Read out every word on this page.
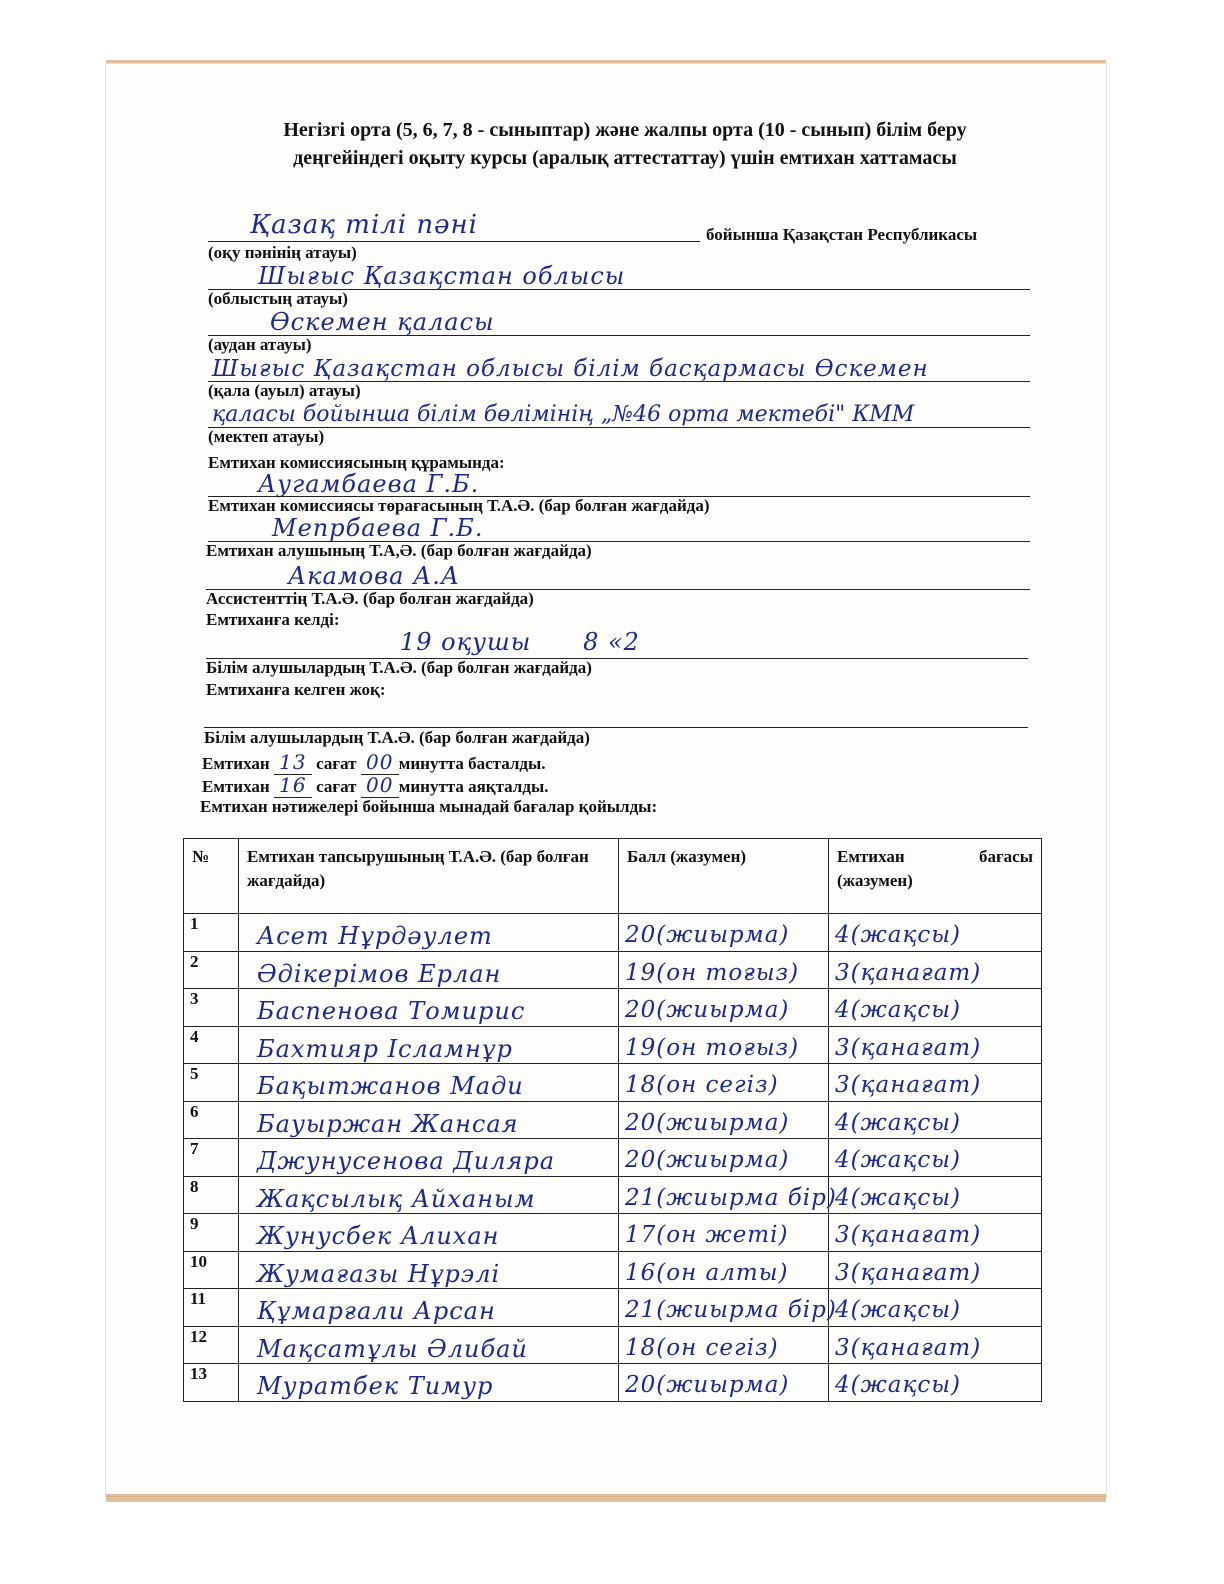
Негізгі орта (5, 6, 7, 8 - сыныптар) және жалпы орта (10 - сынып) білім беру
деңгейіндегі оқыту курсы (аралық аттестаттау) үшін емтихан хаттамасы
Қазақ тілі пәні	бойынша Қазақстан Республикасы
(оқу пәнінің атауы)
Шығыс Қазақстан облысы
(облыстың атауы)
Өскемен қаласы
(аудан атауы)
Шығыс Қазақстан облысы білім басқармасы Өскемен
(қала (ауыл) атауы)
қаласы бойынша білім бөлімінің „№46 орта мектебі" КММ
(мектеп атауы)
Емтихан комиссиясының құрамында:
Аугамбаева Г.Б.
Емтихан комиссиясы төрағасының Т.А.Ә. (бар болған жағдайда)
Мепрбаева Г.Б.
Емтихан алушының Т.А,Ә. (бар болған жағдайда)
Акамова А.А
Ассистенттің Т.А.Ә. (бар болған жағдайда)
Емтиханға келді:
19 оқушы      8 «2
Білім алушылардың Т.А.Ә. (бар болған жағдайда)
Емтиханға келген жоқ:
Білім алушылардың Т.А.Ә. (бар болған жағдайда)
Емтихан 13 сағат 00 минутта басталды.
Емтихан 16 сағат 00 минутта аяқталды.
Емтихан нәтижелері бойынша мынадай бағалар қойылды:
№	Емтихан тапсырушының Т.А.Ә. (бар болған жағдайда)	Балл (жазумен)	Емтихан бағасы
(жазумен)

1	Асет Нұрдәулет	20(жиырма)	4(жақсы)

2	Әдікерімов Ерлан	19(он тоғыз)	3(қанағат)

3	Баспенова Томирис	20(жиырма)	4(жақсы)

4	Бахтияр Ісламнұр	19(он тоғыз)	3(қанағат)

5	Бақытжанов Мади	18(он сегіз)	3(қанағат)

6	Бауыржан Жансая	20(жиырма)	4(жақсы)

7	Джунусенова Диляра	20(жиырма)	4(жақсы)

8	Жақсылық Айханым	21(жиырма бір)	4(жақсы)

9	Жунусбек Алихан	17(он жеті)	3(қанағат)

10	Жумағазы Нұрэлі	16(он алты)	3(қанағат)

11	Құмарғали Арсан	21(жиырма бір)	4(жақсы)

12	Мақсатұлы Әлибай	18(он сегіз)	3(қанағат)

13	Муратбек Тимур	20(жиырма)	4(жақсы)
